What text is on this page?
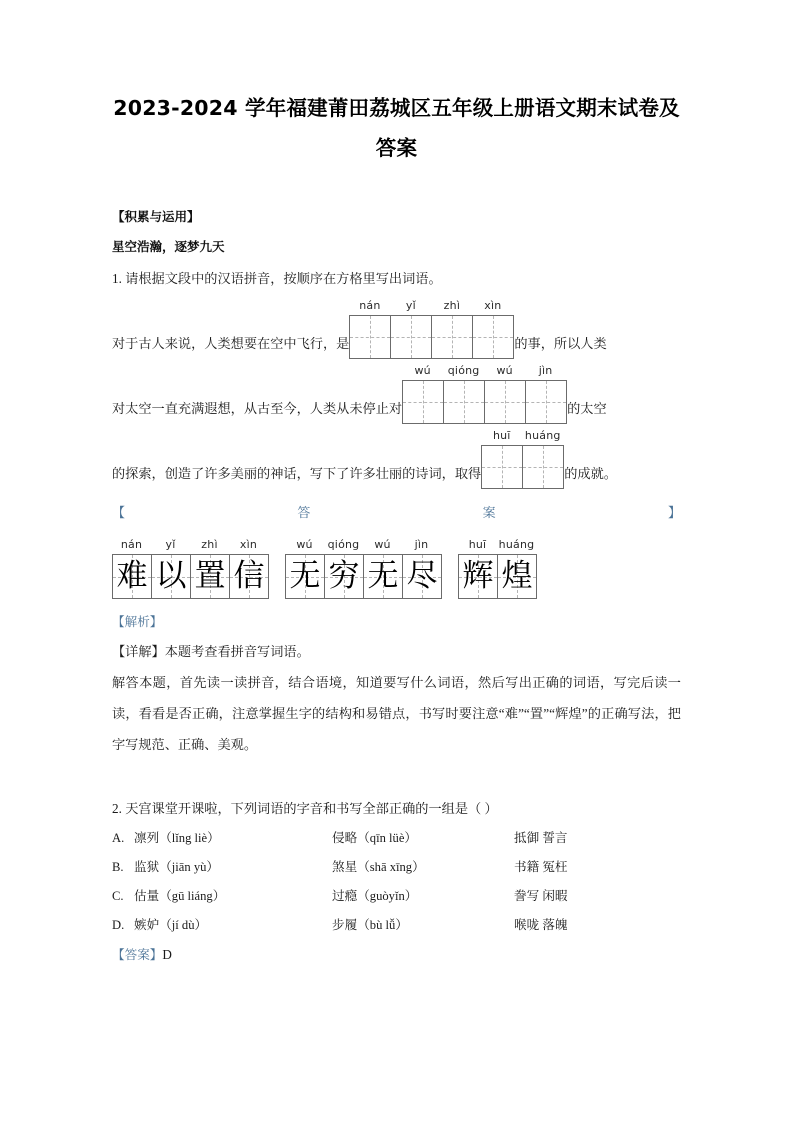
2023-2024 学年福建莆田荔城区五年级上册语文期末试卷及答案
【积累与运用】
星空浩瀚，逐梦九天

1. 请根据文段中的汉语拼音，按顺序在方格里写出词语。

对于古人来说，人类想要在空中飞行，是
nán	yǐ	zhì	xìn
的事，所以人类
对太空一直充满遐想，从古至今，人类从未停止对
wú	qióng	wú	jìn
的太空
的探索，创造了许多美丽的神话，写下了许多壮丽的诗词，取得
huī	huáng
的成就。
【	答	案	】
nán	yǐ	zhì	xìn
难 以 置 信
wú	qióng	wú	jìn
无 穷 无 尽
huī	huáng
辉 煌

【解析】

【详解】本题考查看拼音写词语。

解答本题，首先读一读拼音，结合语境，知道要写什么词语，然后写出正确的词语，写完后读一读，看看是否正确，注意掌握生字的结构和易错点，书写时要注意“难”“置”“辉煌”的正确写法，把字写规范、正确、美观。

2. 天宫课堂开课啦，下列词语的字音和书写全部正确的一组是（ ）

A. 凛列（lǐng liè）	侵略（qīn lüè）	抵御 誓言
B. 监狱（jiān yù）	煞星（shā xīng）	书籍 冤枉
C. 估量（gū liáng）	过瘾（guòyǐn）	誊写 闲暇
D. 嫉妒（jí dù）	步履（bù lǚ）	喉咙 落魄

【答案】D
